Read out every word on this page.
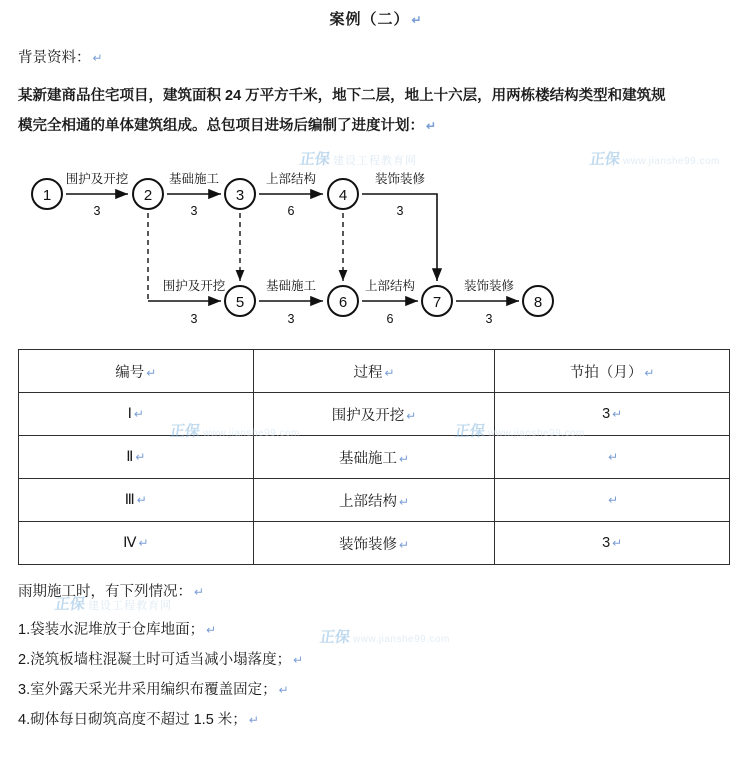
正保 建设工程教育网	正保 www.jianshe99.com
正保 www.jianshe99.com	正保 www.jianshe99.com
正保 www.jianshe99.com
正保 建设工程教育网
案例（二） ↵
背景资料： ↵
某新建商品住宅项目，建筑面积 24 万平方千米，地下二层，地上十六层，用两栋楼结构类型和建筑规
模完全相通的单体建筑组成。总包项目进场后编制了进度计划： ↵
1	2	3	4
5	6	7	8
围护及开挖
3
基础施工
3
上部结构
6
装饰装修
3
围护及开挖
3
基础施工
3
上部结构
6
装饰装修
3
编号 ↵	过程 ↵	节拍（月） ↵
Ⅰ ↵	围护及开挖 ↵	3 ↵
Ⅱ ↵	基础施工 ↵	↵
Ⅲ ↵	上部结构 ↵	↵
Ⅳ ↵	装饰装修 ↵	3 ↵
雨期施工时，有下列情况： ↵
1.袋装水泥堆放于仓库地面； ↵
2.浇筑板墙柱混凝土时可适当减小塌落度； ↵
3.室外露天采光井采用编织布覆盖固定； ↵
4.砌体每日砌筑高度不超过 1.5 米； ↵
